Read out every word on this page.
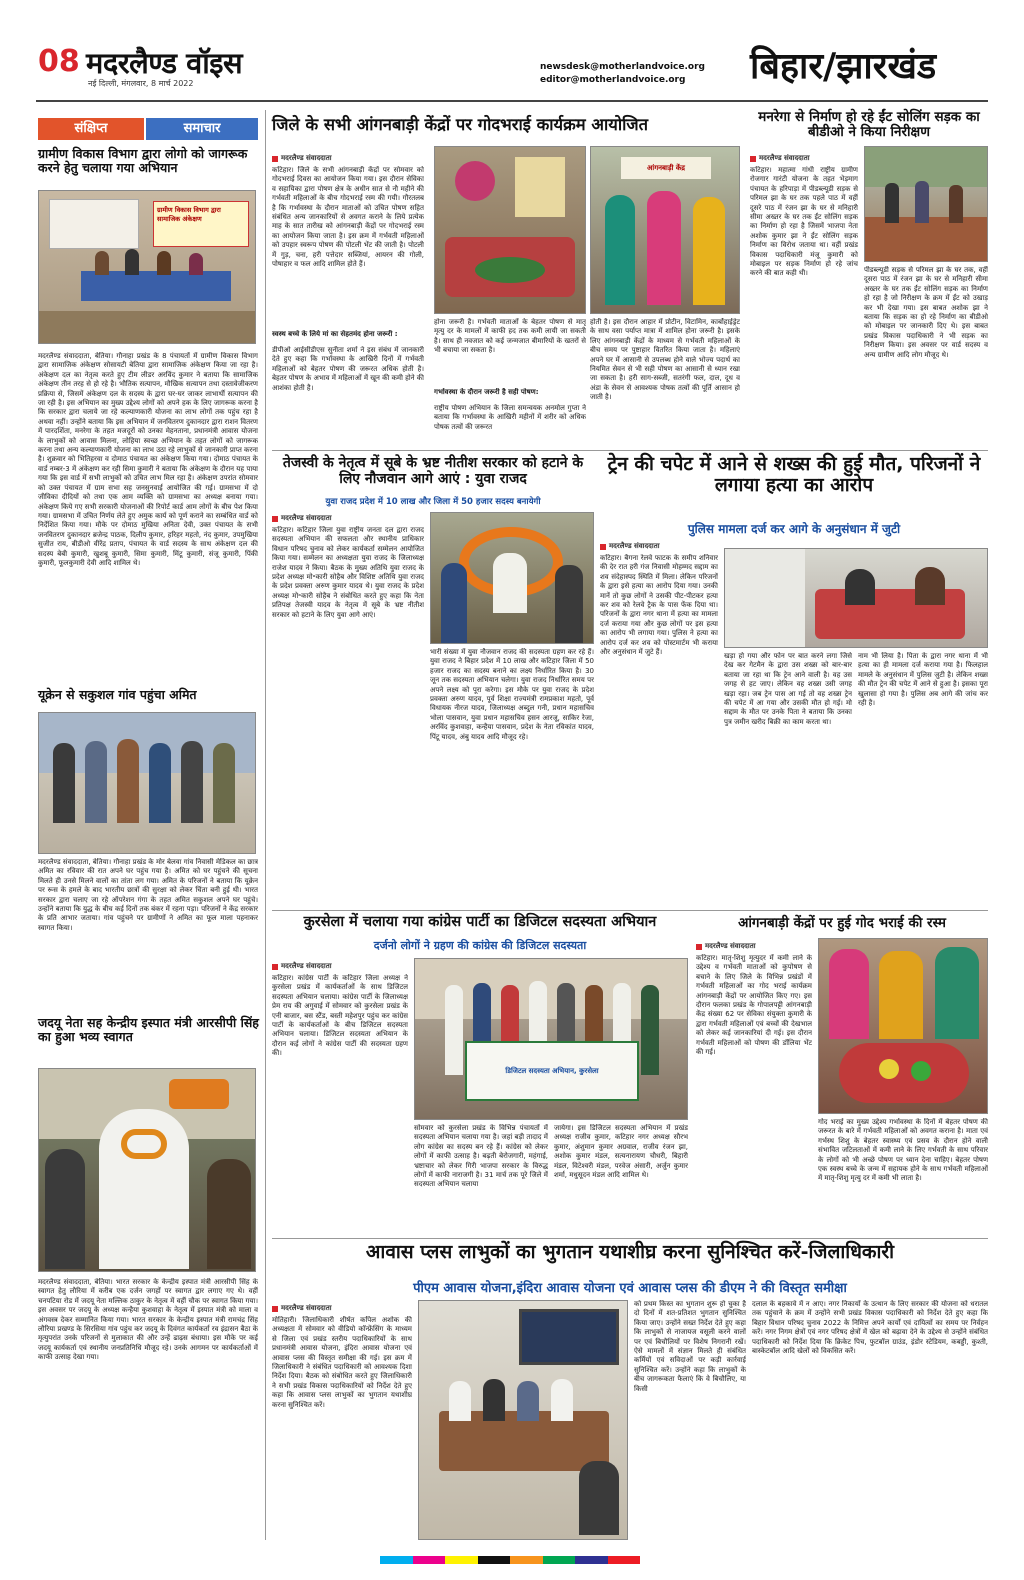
08 मदरलैण्ड वॉइस
नई दिल्ली, मंगलवार, 8 मार्च 2022
newsdesk@motherlandvoice.org
editor@motherlandvoice.org बिहार/झारखंड
संक्षिप्त	समाचार
ग्रामीण विकास विभाग द्वारा लोगो को जागरूक करने हेतु चलाया गया अभियान
ग्रामीण विकास विभाग द्वारा सामाजिक अंकेक्षण
मदरलैण्ड संवाददाता, बेतिया। गौनाहा प्रखंड के 8 पंचायतों में ग्रामीण विकास विभाग द्वारा सामाजिक अंकेक्षण सोसायटी बेतिया द्वारा सामाजिक अंकेक्षण किया जा रहा है। अंकेक्षण दल का नेतृत्व करते हुए टीम लीडर अरविंद कुमार ने बताया कि सामाजिक अंकेक्षण तीन तरह से हो रहे है। भौतिक सत्यापन, मौखिक सत्यापन तथा दस्तावेजीकरण प्रक्रिया से, जिसमें अंकेक्षण दल के सदस्य के द्वारा घर-घर जाकर लाभार्थी सत्यापन की जा रही है। इस अभियान का मुख्य उद्देश्य लोगों को अपने हक के लिए जागरूक करना है कि सरकार द्वारा चलाये जा रहे कल्याणकारी योजना का लाभ लोगों तक पहुंच रहा है अथवा नहीं। उन्होंने बताया कि इस अभियान में जनवितरण दुकानदार द्वारा राशन वितरण में पारदर्शिता, मनरेगा के तहत मजदूरों को उनका मेहनताना, प्रधानमंत्री आवास योजना के लाभुकों को आवास मिलना, लोहिया स्वच्छ अभियान के तहत लोगों को जागरूक करना तथा अन्य कल्याणकारी योजना का लाभ उठा रहे लाभुकों से जानकारी प्राप्त करना है। शुक्रवार को भितिहरवा व दोमाठ पंचायत का अंकेक्षण किया गया। दोमाठ पंचायत के वार्ड नम्बर-3 में अंकेक्षण कर रही सिमा कुमारी ने बताया कि अंकेक्षण के दौरान यह पाया गया कि इस वार्ड में सभी लाभुकों को उचित लाभ मिल रहा है। अंकेक्षण उपरांत सोमवार को उक्त पंचायत में ग्राम सभा सह जनसुनवाई आयोजित की गई। ग्रामसभा में दो जीविका दीदियों को तथा एक आम व्यक्ति को ग्रामसभा का अध्यक्ष बनाया गया। अंकेक्षण किये गए सभी सरकारी योजनाओं की रिपोर्ट कार्ड आम लोगों के बीच पेश किया गया। ग्रामसभा में उचित निर्णय लेते हुए अमुक कार्य को पूर्ण कराने का सम्बंधित वार्ड को निर्देशित किया गया। मौके पर दोमाठ मुखिया अनिता देवी, उक्त पंचायत के सभी जनवितरण दुकानदार ब्रजेन्द्र पाठक, दिलीप कुमार, हरिहर महतो, नंद कुमार, उपमुखिया सुजीत राय, बीडीओ वीरेंद्र प्रताप, पंचायत के वार्ड सदस्य के साथ अंकेक्षण दल की सदस्य बेबी कुमारी, खुशबू कुमारी, सिमा कुमारी, मिंटू कुमारी, संजू कुमारी, पिंकी कुमारी, फूलकुमारी देवी आदि शामिल थे।
यूक्रेन से सकुशल गांव पहुंचा अमित
मदरलैण्ड संवाददाता, बेतिया। गौनाहा प्रखंड के मोर बेलवा गांव निवासी मेडिकल का छात्र अमित का रविवार की रात अपने घर पहुंच गया है। अमित को घर पहुंचने की सूचना मिलते ही उनसे मिलने वालों का तांता लग गया। अमित के परिजनों ने बताया कि यूक्रेन पर रूस के हमले के बाद भारतीय छात्रों की सुरक्षा को लेकर चिंता बनी हुई थी। भारत सरकार द्वारा चलाए जा रहे ऑपरेशन गंगा के तहत अमित सकुशल अपने घर पहुंचे। उन्होंने बताया कि युद्ध के बीच कई दिनों तक बंकर में रहना पड़ा। परिजनों ने केंद्र सरकार के प्रति आभार जताया। गांव पहुंचने पर ग्रामीणों ने अमित का फूल माला पहनाकर स्वागत किया।
जदयू नेता सह केन्द्रीय इस्पात मंत्री आरसीपी सिंह का हुआ भव्य स्वागत
मदरलैण्ड संवाददाता, बेतिया। भारत सरकार के केन्द्रीय इस्पात मंत्री आरसीपी सिंह के स्वागत हेतु लौरिया में करीब एक दर्जन जगहों पर स्वागत द्वार लगाए गए थे। वहीं चनपटिया रोड में जदयू नेता मल्लिक ठाकुर के नेतृत्व में वहीं चौक पर स्वागत किया गया। इस अवसर पर जदयू के अध्यक्ष कन्हैया कुशवाहा के नेतृत्व में इस्पात मंत्री को माला व अंगवस्त्र देकर सम्मानित किया गया। भारत सरकार के केन्द्रीय इस्पात मंत्री रामचंद्र सिंह लौरिया प्रखण्ड के सिरसिया गांव पहुंच कर जदयू के दिवंगत कार्यकर्ता रव इंद्रासन बैठा के मृत्युपरांत उनके परिजनों से मुलाकात की और उन्हें ढाढ़स बंधाया। इस मौके पर कई जदयू कार्यकर्ता एवं स्थानीय जनप्रतिनिधि मौजूद रहे। उनके आगमन पर कार्यकर्ताओं में काफी उत्साह देखा गया।
जिले के सभी आंगनबाड़ी केंद्रों पर गोदभराई कार्यक्रम आयोजित
मदरलैण्ड संवाददाता
कटिहार। जिले के सभी आंगनबाड़ी केंद्रों पर सोमवार को गोदभराई दिवस का आयोजन किया गया। इस दौरान सेविका व सहायिका द्वारा पोषण क्षेत्र के अधीन सात से नौ महीने की गर्भवती महिलाओं के बीच गोदभराई रस्म की गयी। गौरतलब है कि गर्भावस्था के दौरान माताओं को उचित पोषण सहित संबंधित अन्य जानकारियों से अवगत कराने के लिये प्रत्येक माह के सात तारीख को आंगनबाड़ी केंद्रों पर गोदभराई रस्म का आयोजन किया जाता है। इस क्रम में गर्भवती महिलाओं को उपहार स्वरूप पोषण की पोटली भेंट की जाती है। पोटली में गुड़, चना, हरी पत्तेदार सब्जियां, आयरन की गोली, पोषाहार व फल आदि शामिल होते हैं।
स्वस्थ बच्चे के लिये मां का सेहतमंद होना जरूरी :
डीपीओ आईसीडीएस सुनीता शर्मा ने इस संबंध में जानकारी देते हुए कहा कि गर्भावस्था के आखिरी दिनों में गर्भवती महिलाओं को बेहतर पोषण की जरूरत अधिक होती है। बेहतर पोषण के अभाव में महिलाओं में खून की कमी होने की आशंका होती है।
आंगनबाड़ी केंद्र
होना जरूरी है। गर्भवती माताओं के बेहतर पोषण से मातृ मृत्यु दर के मामलों में काफी हद तक कमी लायी जा सकती है। साथ ही नवजात को कई जन्मजात बीमारियों के खतरों से भी बचाया जा सकता है।
गर्भावस्था के दौरान जरूरी है सही पोषण:
राष्ट्रीय पोषण अभियान के जिला समन्वयक अनमोल गुप्ता ने बताया कि गर्भावस्था के आखिरी महीनों में शरीर को अधिक पोषक तत्वों की जरूरत
होती है। इस दौरान आहार में प्रोटीन, विटामिन, कार्बोहाईड्रेट के साथ वसा पर्याप्त मात्रा में शामिल होना जरूरी है। इसके लिए आंगनबाड़ी केंद्रों के माध्यम से गर्भवती महिलाओं के बीच समय पर पुष्टाहार वितरित किया जाता है। महिलाएं अपने घर में आसानी से उपलब्ध होने वाले भोज्य पदार्थ का नियमित सेवन से भी सही पोषण का आसानी से ध्यान रखा जा सकता है। हरी साग-सब्जी, सतरंगी फल, दाल, दूध व अंडा के सेवन से आवश्यक पोषक तत्वों की पूर्ति आसान हो जाती है।
मनरेगा से निर्माण हो रहे ईंट सोलिंग सड़क का बीडीओ ने किया निरीक्षण
मदरलैण्ड संवाददाता
कटिहार। महात्मा गांधी राष्ट्रीय ग्रामीण रोजगार गारंटी योजना के तहत भेड़माग पंचायत के हरिपाड़ा में पीडब्ल्यूडी सड़क से परिमल झा के घर तक पहले पाठ में वहीं दूसरे पाठ में रंजन झा के घर से मनिहारी सीमा अख्तर के घर तक ईंट सोलिंग सड़क का निर्माण हो रहा है जिसमें भाजपा नेता अशोक कुमार झा ने ईंट सोलिंग सड़क निर्माण का विरोध जताया था। वहीं प्रखंड विकास पदाधिकारी मंजू कुमारी को मोबाइल पर सड़क निर्माण हो रहे जांच करने की बात कही थी।	पीडब्ल्यूडी सड़क से परिमल झा के घर तक, वहीं दूसरा पाठ में रंजन झा के घर से मनिहारी सीमा अख्तर के घर तक ईंट सोलिंग सड़क का निर्माण हो रहा है जो निरीक्षण के क्रम में ईंट को उखाड़ कर भी देखा गया। इस बाबत अशोक झा ने बताया कि सड़क का हो रहे निर्माण का बीडीओ को मोबाइल पर जानकारी दिए थे। इस बाबत प्रखंड विकास पदाधिकारी ने भी सड़क का निरीक्षण किया। इस अवसर पर वार्ड सदस्य व अन्य ग्रामीण आदि लोग मौजूद थे।
तेजस्वी के नेतृत्व में सूबे के भ्रष्ट नीतीश सरकार को हटाने के लिए नौजवान आगे आएं : युवा राजद
युवा राजद प्रदेश में 10 लाख और जिला में 50 हजार सदस्य बनायेगी
मदरलैण्ड संवाददाता
कटिहार। कटिहार जिला युवा राष्ट्रीय जनता दल द्वारा राजद सदस्यता अभियान की सफलता और स्थानीय प्राधिकार विधान परिषद चुनाव को लेकर कार्यकर्ता सम्मेलन आयोजित किया गया। सम्मेलन का अध्यक्षता युवा राजद के जिलाध्यक्ष राजेश यादव ने किया। बैठक के मुख्य अतिथि युवा राजद के प्रदेश अध्यक्ष मो॰कारी सोहैब और विशिष्ट अतिथि युवा राजद के प्रदेश प्रवक्ता अरुण कुमार यादव थे। युवा राजद के प्रदेश अध्यक्ष मो॰कारी सोहैब ने संबोधित करते हुए कहा कि नेता प्रतिपक्ष तेजस्वी यादव के नेतृत्व में सूबे के भ्रष्ट नीतीश सरकार को हटाने के लिए युवा आगे आएं।
भारी संख्या में युवा नौजवान राजद की सदस्यता ग्रहण कर रहे हैं। युवा राजद ने बिहार प्रदेश में 10 लाख और कटिहार जिला में 50 हजार राजद का सदस्य बनाने का लक्ष्य निर्धारित किया है। 30 जून तक सदस्यता अभियान चलेगा। युवा राजद निर्धारित समय पर अपने लक्ष्य को पूरा करेगा। इस मौके पर युवा राजद के प्रदेश प्रवक्ता अरुण यादव, पूर्व शिक्षा राज्यमंत्री रामप्रकाश महतो, पूर्व विधायक नीरज यादव, जिलाध्यक्ष अब्दुल गनी, प्रधान महासचिव भोला पासवान, युवा प्रधान महासचिव हसन आरजू, साकिर रेजा, अरविंद कुशवाहा, कन्हैया पासवान, प्रदेश के नेता रविकांत यादव, पिंटू यादव, अंबु यादव आदि मौजूद रहे।
ट्रेन की चपेट में आने से शख्स की हुई मौत, परिजनों ने लगाया हत्या का आरोप
पुलिस मामला दर्ज कर आगे के अनुसंधान में जुटी
मदरलैण्ड संवाददाता
कटिहार। बैगना रेलवे फाटक के समीप शनिवार की देर रात हरी गंज निवासी मोहम्मद सद्दाम का शव संदेहास्पद स्थिति में मिला। लेकिन परिजनों के द्वारा इसे हत्या का आरोप दिया गया। उनकी मानें तो कुछ लोगों ने उसकी पीट-पीटकर हत्या कर शव को रेलवे ट्रैक के पास फेंक दिया था। परिजनों के द्वारा नगर थाना में हत्या का मामला दर्ज कराया गया और कुछ लोगों पर इस हत्या का आरोप भी लगाया गया। पुलिस ने हत्या का आरोप दर्ज कर शव को पोस्टमार्टम भी कराया और अनुसंधान में जुटे हैं।	खड़ा हो गया और फोन पर बात करने लगा जिसे देख कर गेटमैन के द्वारा उस शख्स को बार-बार बताया जा रहा था कि ट्रेन आने वाली है। वह उस जगह से हट जाए। लेकिन वह शख्स उसी जगह खड़ा रहा। जब ट्रेन पास आ गई तो वह शख्स ट्रेन की चपेट में आ गया और उसकी मौत हो गई। मो सद्दाम के मौत पर उनके पिता ने बताया कि उनका पुत्र जमीन खरीद बिक्री का काम करता था।
नाम भी लिया है। पिता के द्वारा नगर थाना में भी हत्या का ही मामला दर्ज कराया गया है। फिलहाल मामले के अनुसंधान में पुलिस जुटी है। लेकिन शख्स की मौत ट्रेन की चपेट में आने से हुआ है। इसका पूरा खुलासा हो गया है। पुलिस अब आगे की जांच कर रही है।
कुरसेला में चलाया गया कांग्रेस पार्टी का डिजिटल सदस्यता अभियान
दर्जनो लोगों ने ग्रहण की कांग्रेस की डिजिटल सदस्यता
मदरलैण्ड संवाददाता
कटिहार। कांग्रेस पार्टी के कटिहार जिला अध्यक्ष ने कुरसेला प्रखंड में कार्यकर्ताओं के साथ डिजिटल सदस्यता अभियान चलाया। कांग्रेस पार्टी के जिलाध्यक्ष प्रेम राय की अगुवाई में सोमवार को कुरसेला प्रखंड के एनी बाजार, बस स्टैंड, बस्ती महेशपुर पहुंच कर कांग्रेस पार्टी के कार्यकर्ताओं के बीच डिजिटल सदस्यता अभियान चलाया। डिजिटल सदस्यता अभियान के दौरान कई लोगों ने कांग्रेस पार्टी की सदस्यता ग्रहण की।
डिजिटल सदस्यता अभियान, कुरसेला
सोमवार को कुरसेला प्रखंड के विभिन्न पंचायतों में सदस्यता अभियान चलाया गया है। जहां बड़ी तादाद में लोग कांग्रेस का सदस्य बन रहे हैं। कांग्रेस को लेकर लोगों में काफी उत्साह है। बढ़ती बेरोजगारी, महंगाई, भ्रष्टाचार को लेकर गिरी भाजपा सरकार के विरुद्ध लोगों में काफी नाराजगी है। 31 मार्च तक पूरे जिले में सदस्यता अभियान चलाया
जायेगा। इस डिजिटल सदस्यता अभियान में प्रखंड अध्यक्ष राजीव कुमार, कटिहार नगर अध्यक्ष सौरभ कुमार, अंशुमान कुमार अग्रवाल, राजीव रंजन झा, अशोक कुमार मंडल, सत्यनारायण चौधरी, बिहारी मंडल, विटेश्वरी मंडल, परवेज अंसारी, अर्जुन कुमार शर्मा, मधुसूदन मंडल आदि शामिल थे।
आंगनबाड़ी केंद्रों पर हुई गोद भराई की रस्म
मदरलैण्ड संवाददाता
कटिहार। मातृ-शिशु मृत्युदर में कमी लाने के उद्देश्य व गर्भवती माताओं को कुपोषण से बचाने के लिए जिले के विभिन्न प्रखंडों में गर्भवती महिलाओं का गोद भराई कार्यक्रम आंगनबाड़ी केंद्रों पर आयोजित किए गए। इस दौरान फलका प्रखंड के गोपालपट्टी आंगनबाड़ी केंद्र संख्या 62 पर सेविका संयुक्ता कुमारी के द्वारा गर्भवती महिलाओं एवं बच्चों की देखभाल को लेकर कई जानकारियां दी गई। इस दौरान गर्भवती महिलाओं को पोषण की डॉलिया भेंट की गई।
गोद भराई का मुख्य उद्देश्य गर्भावस्था के दिनों में बेहतर पोषण की जरूरत के बारे में गर्भवती महिलाओं को अवगत कराना है। माता एवं गर्भस्थ शिशु के बेहतर स्वास्थ्य एवं प्रसव के दौरान होने वाली संभावित जटिलताओं में कमी लाने के लिए गर्भवती के साथ परिवार के लोगों को भी अच्छे पोषण पर ध्यान देना चाहिए। बेहतर पोषण एक स्वस्थ बच्चे के जन्म में सहायक होने के साथ गर्भवती महिलाओं में मातृ-शिशु मृत्यु दर में कमी भी लाता है।
आवास प्लस लाभुकों का भुगतान यथाशीघ्र करना सुनिश्चित करें-जिलाधिकारी
पीएम आवास योजना,इंदिरा आवास योजना एवं आवास प्लस की डीएम ने की विस्तृत समीक्षा
मदरलैण्ड संवाददाता
मोतिहारी। जिलाधिकारी शीर्षत कपिल अशोक की अध्यक्षता में सोमवार को वीडियो कॉन्फ्रेंसिंग के माध्यम से जिला एवं प्रखंड स्तरीय पदाधिकारियों के साथ प्रधानमंत्री आवास योजना, इंदिरा आवास योजना एवं आवास प्लस की विस्तृत समीक्षा की गई। इस क्रम में जिलाधिकारी ने संबंधित पदाधिकारी को आवश्यक दिशा निर्देश दिया। बैठक को संबोधित करते हुए जिलाधिकारी ने सभी प्रखंड विकास पदाधिकारियों को निर्देश देते हुए कहा कि आवास प्लस लाभुकों का भुगतान यथाशीघ्र करना सुनिश्चित करें।
को प्रथम किस्त का भुगतान शुरू हो चुका है दो दिनों में शत-प्रतिशत भुगतान सुनिश्चित किया जाए। उन्होंने सख्त निर्देश देते हुए कहा कि लाभुकों से नाजायज वसूली करने वालों पर एवं बिचौलियों पर विशेष निगरानी रखें। ऐसे मामलों में संज्ञान मिलते ही संबंधित कर्मियों एवं सविदाओं पर कड़ी कार्रवाई सुनिश्चित करें। उन्होंने कहा कि लाभुकों के बीच जागरूकता फैलाएं कि वे बिचौलिए, या किसी
दलाल के बहकावे में न आए। नगर निकायों के उत्थान के लिए सरकार की योजना को धरातल तक पहुंचाने के क्रम में उन्होंने सभी प्रखंड विकास पदाधिकारी को निर्देश देते हुए कहा कि बिहार विधान परिषद चुनाव 2022 के निमित्त अपने कार्यों एवं दायित्वों का समय पर निर्वहन करें। नगर निगम क्षेत्रों एवं नगर परिषद क्षेत्रों में खेल को बढ़ावा देने के उद्देश्य से उन्होंने संबंधित पदाधिकारी को निर्देश दिया कि क्रिकेट पिच, फुटबॉल ग्राउंड, इंडोर स्टेडियम, कबड्डी, कुश्ती, बास्केटबॉल आदि खेलों को विकसित करें।
